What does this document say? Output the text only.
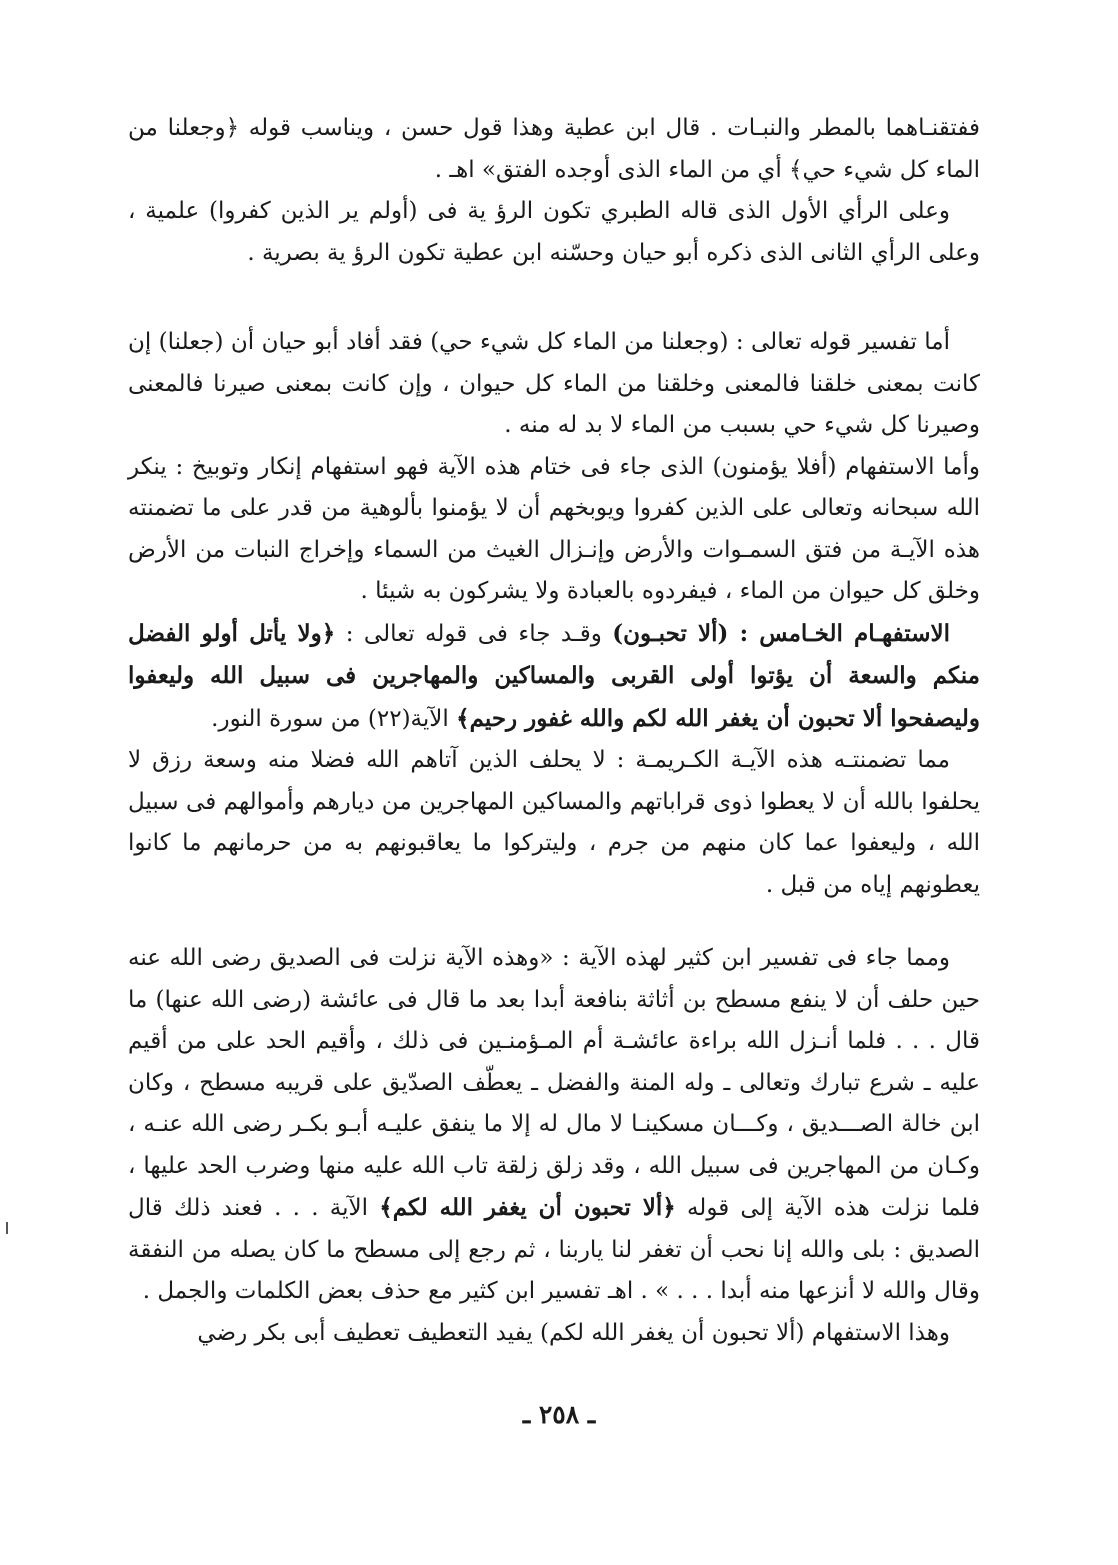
ففتقنـاهما بالمطر والنبـات . قال ابن عطية وهذا قول حسن ، ويناسب قوله ﴿وجعلنا من الماء كل شيء حي﴾ أي من الماء الذى أوجده الفتق» اهـ .

وعلى الرأي الأول الذى قاله الطبري تكون الرؤ ية فى (أولم ير الذين كفروا) علمية ، وعلى الرأي الثانى الذى ذكره أبو حيان وحسّنه ابن عطية تكون الرؤ ية بصرية .

أما تفسير قوله تعالى : (وجعلنا من الماء كل شيء حي) فقد أفاد أبو حيان أن (جعلنا) إن كانت بمعنى خلقنا فالمعنى وخلقنا من الماء كل حيوان ، وإن كانت بمعنى صيرنا فالمعنى وصيرنا كل شيء حي بسبب من الماء لا بد له منه .

وأما الاستفهام (أفلا يؤمنون) الذى جاء فى ختام هذه الآية فهو استفهام إنكار وتوبيخ : ينكر الله سبحانه وتعالى على الذين كفروا ويوبخهم أن لا يؤمنوا بألوهية من قدر على ما تضمنته هذه الآيـة من فتق السمـوات والأرض وإنـزال الغيث من السماء وإخراج النبات من الأرض وخلق كل حيوان من الماء ، فيفردوه بالعبادة ولا يشركون به شيئا .

الاستفهـام الخـامس : (ألا تحبـون) وقـد جاء فى قوله تعالى : ﴿ولا يأتل أولو الفضل منكم والسعة أن يؤتوا أولى القربى والمساكين والمهاجرين فى سبيل الله وليعفوا وليصفحوا ألا تحبون أن يغفر الله لكم والله غفور رحيم﴾ الآية(٢٢) من سورة النور.

مما تضمنتـه هذه الآيـة الكـريمـة : لا يحلف الذين آتاهم الله فضلا منه وسعة رزق لا يحلفوا بالله أن لا يعطوا ذوى قراباتهم والمساكين المهاجرين من ديارهم وأموالهم فى سبيل الله ، وليعفوا عما كان منهم من جرم ، وليتركوا ما يعاقبونهم به من حرمانهم ما كانوا يعطونهم إياه من قبل .

ومما جاء فى تفسير ابن كثير لهذه الآية : «وهذه الآية نزلت فى الصديق رضى الله عنه حين حلف أن لا ينفع مسطح بن أثاثة بنافعة أبدا بعد ما قال فى عائشة (رضى الله عنها) ما قال . . . فلما أنـزل الله براءة عائشـة أم المـؤمنـين فى ذلك ، وأقيم الحد على من أقيم عليه ـ شرع تبارك وتعالى ـ وله المنة والفضل ـ يعطّف الصدّيق على قريبه مسطح ، وكان ابن خالة الصـــديق ، وكـــان مسكينـا لا مال له إلا ما ينفق عليـه أبـو بكـر رضى الله عنـه ، وكـان من المهاجرين فى سبيل الله ، وقد زلق زلقة تاب الله عليه منها وضرب الحد عليها ، فلما نزلت هذه الآية إلى قوله ﴿ألا تحبون أن يغفر الله لكم﴾ الآية . . . فعند ذلك قال الصديق : بلى والله إنا نحب أن تغفر لنا ياربنا ، ثم رجع إلى مسطح ما كان يصله من النفقة وقال والله لا أنزعها منه أبدا . . . » . اهـ تفسير ابن كثير مع حذف بعض الكلمات والجمل .

وهذا الاستفهام (ألا تحبون أن يغفر الله لكم) يفيد التعطيف تعطيف أبى بكر رضي

ـ ٢٥٨ ـ
